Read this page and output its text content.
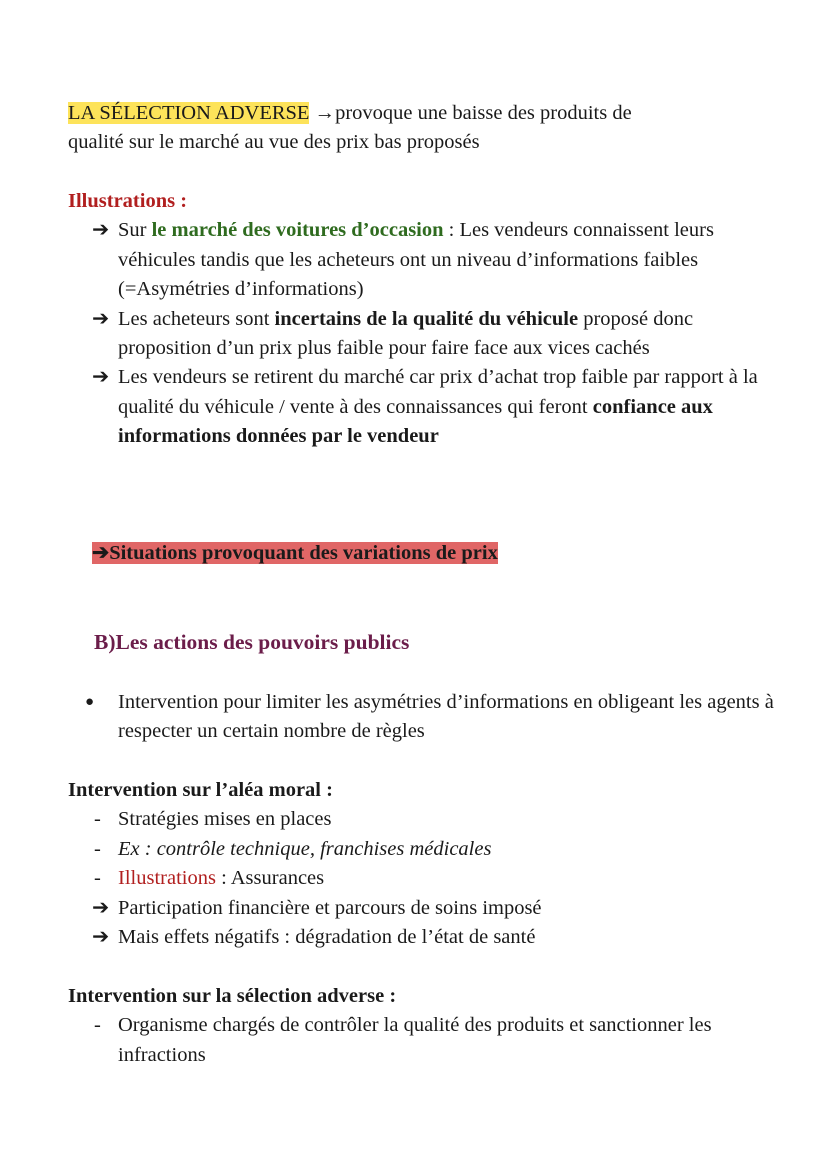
LA SÉLECTION ADVERSE →provoque une baisse des produits de

qualité sur le marché au vue des prix bas proposés

Illustrations :

➔ Sur le marché des voitures d’occasion : Les vendeurs connaissent leurs véhicules tandis que les acheteurs ont un niveau d’informations faibles (=Asymétries d’informations)
➔ Les acheteurs sont incertains de la qualité du véhicule proposé donc proposition d’un prix plus faible pour faire face aux vices cachés
➔ Les vendeurs se retirent du marché car prix d’achat trop faible par rapport à la qualité du véhicule / vente à des connaissances qui feront confiance aux informations données par le vendeur
➔Situations provoquant des variations de prix

B)Les actions des pouvoirs publics

● Intervention pour limiter les asymétries d’informations en obligeant les agents à respecter un certain nombre de règles

Intervention sur l’aléa moral :

- Stratégies mises en places
- Ex : contrôle technique, franchises médicales
- Illustrations : Assurances
➔ Participation financière et parcours de soins imposé
➔ Mais effets négatifs : dégradation de l’état de santé

Intervention sur la sélection adverse :

- Organisme chargés de contrôler la qualité des produits et sanctionner les infractions
